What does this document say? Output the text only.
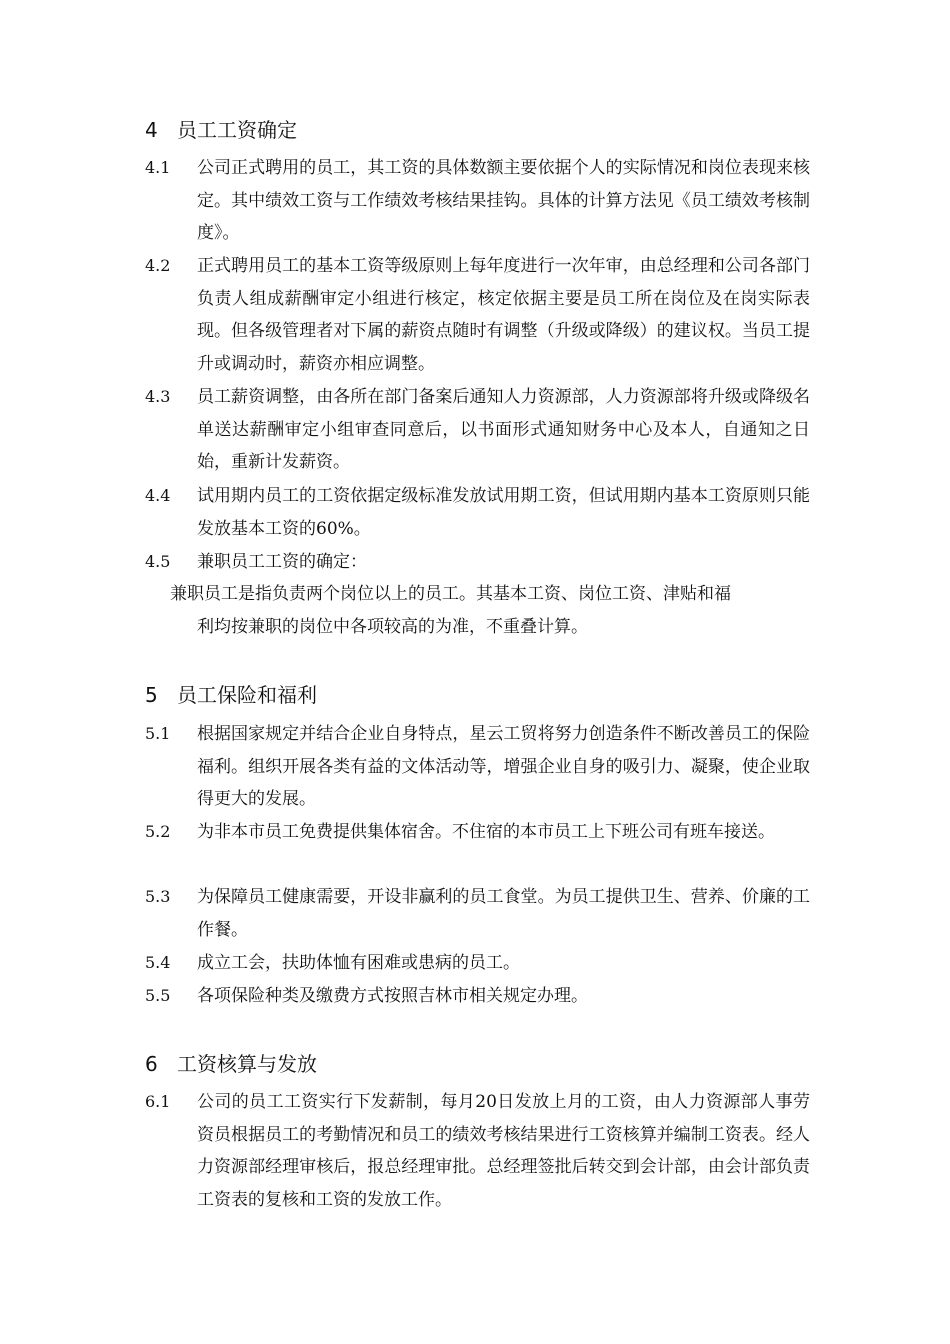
4 员工工资确定
4.1	公司正式聘用的员工，其工资的具体数额主要依据个人的实际情况和岗位表现来核定。其中绩效工资与工作绩效考核结果挂钩。具体的计算方法见《员工绩效考核制度》。
4.2	正式聘用员工的基本工资等级原则上每年度进行一次年审，由总经理和公司各部门负责人组成薪酬审定小组进行核定，核定依据主要是员工所在岗位及在岗实际表现。但各级管理者对下属的薪资点随时有调整（升级或降级）的建议权。当员工提升或调动时，薪资亦相应调整。
4.3	员工薪资调整，由各所在部门备案后通知人力资源部，人力资源部将升级或降级名单送达薪酬审定小组审查同意后，以书面形式通知财务中心及本人，自通知之日始，重新计发薪资。
4.4	试用期内员工的工资依据定级标准发放试用期工资，但试用期内基本工资原则只能发放基本工资的60%。
4.5	兼职员工工资的确定：
兼职员工是指负责两个岗位以上的员工。其基本工资、岗位工资、津贴和福
利均按兼职的岗位中各项较高的为准，不重叠计算。
5 员工保险和福利
5.1	根据国家规定并结合企业自身特点，星云工贸将努力创造条件不断改善员工的保险福利。组织开展各类有益的文体活动等，增强企业自身的吸引力、凝聚，使企业取得更大的发展。
5.2	为非本市员工免费提供集体宿舍。不住宿的本市员工上下班公司有班车接送。
5.3	为保障员工健康需要，开设非赢利的员工食堂。为员工提供卫生、营养、价廉的工作餐。
5.4	成立工会，扶助体恤有困难或患病的员工。
5.5	各项保险种类及缴费方式按照吉林市相关规定办理。
6 工资核算与发放
6.1	公司的员工工资实行下发薪制，每月20日发放上月的工资，由人力资源部人事劳资员根据员工的考勤情况和员工的绩效考核结果进行工资核算并编制工资表。经人力资源部经理审核后，报总经理审批。总经理签批后转交到会计部，由会计部负责工资表的复核和工资的发放工作。
